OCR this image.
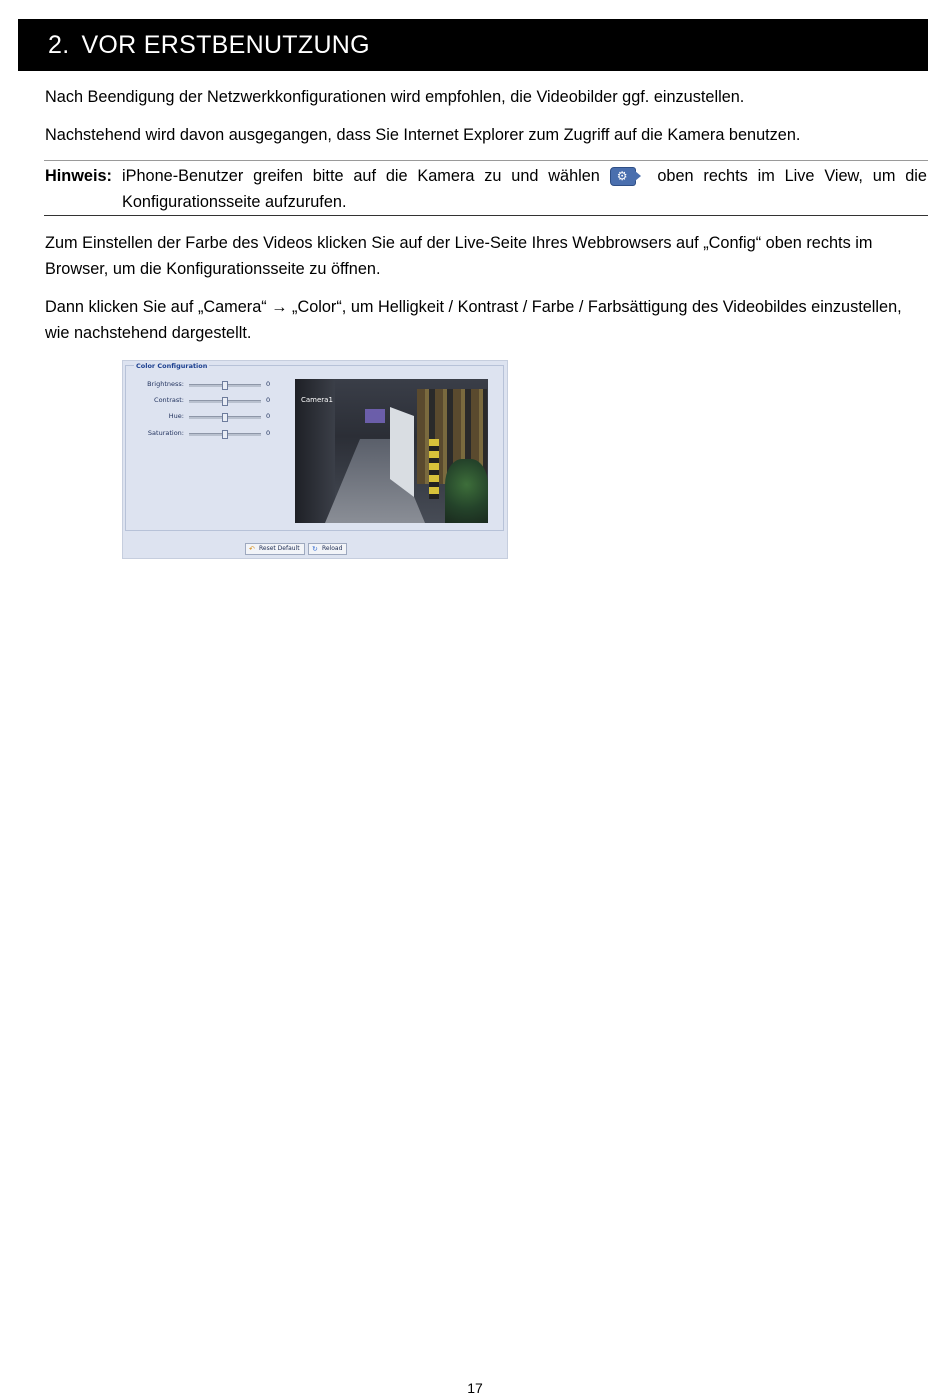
2. VOR ERSTBENUTZUNG

Nach Beendigung der Netzwerkkonfigurationen wird empfohlen, die Videobilder ggf. einzustellen.

Nachstehend wird davon ausgegangen, dass Sie Internet Explorer zum Zugriff auf die Kamera benutzen.

Hinweis: iPhone-Benutzer greifen bitte auf die Kamera zu und wählen ⚙ oben rechts im Live View, um die
Konfigurationsseite aufzurufen.

Zum Einstellen der Farbe des Videos klicken Sie auf der Live-Seite Ihres Webbrowsers auf „Config“ oben rechts im Browser, um die Konfigurationsseite zu öffnen.

Dann klicken Sie auf „Camera“ → „Color“, um Helligkeit / Kontrast / Farbe / Farbsättigung des Videobildes einzustellen, wie nachstehend dargestellt.

Color Configuration
Brightness:	0
Contrast:	0
Hue:	0
Saturation:	0
Camera1
↶ Reset Default	↻ Reload
17
